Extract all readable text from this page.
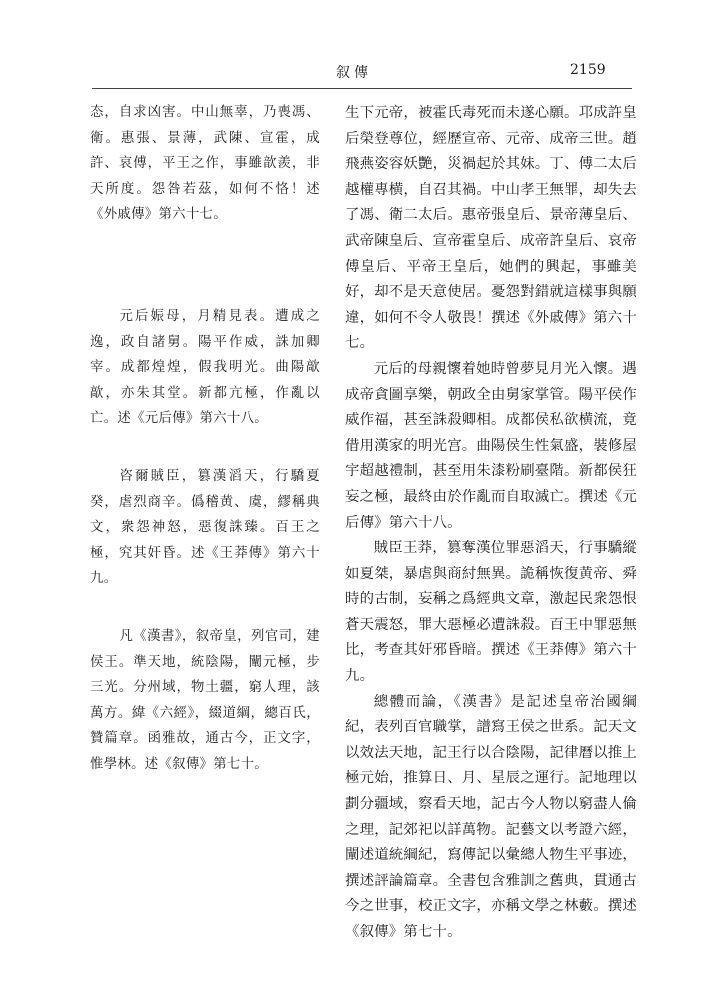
叙傳	2159

态，自求凶害。中山無辜，乃喪馮、衛。惠張、景薄，武陳、宣霍，成許、哀傅，平王之作，事雖歆羨，非天所度。怨咎若茲，如何不恪！述《外戚傳》第六十七。

元后娠母，月精見表。遭成之逸，政自諸舅。陽平作威，誅加卿宰。成都煌煌，假我明光。曲陽歊歊，亦朱其堂。新都亢極，作亂以亡。述《元后傳》第六十八。

咨爾賊臣，篡漢滔天，行驕夏癸，虐烈商辛。僞稽黄、虞，繆稱典文，衆怨神怒，惡復誅臻。百王之極，究其奸昏。述《王莽傳》第六十九。

凡《漢書》，叙帝皇，列官司，建侯王。準天地，統陰陽，闡元極，步三光。分州域，物土疆，窮人理，該萬方。緯《六經》，綴道綱，總百氏，贊篇章。函雅故，通古今，正文字，惟學林。述《叙傳》第七十。

生下元帝，被霍氏毒死而未遂心願。邛成許皇后榮登尊位，經歷宣帝、元帝、成帝三世。趙飛燕姿容妖艷，災禍起於其妹。丁、傅二太后越權專横，自召其禍。中山孝王無罪，却失去了馮、衛二太后。惠帝張皇后、景帝薄皇后、武帝陳皇后、宣帝霍皇后、成帝許皇后、哀帝傅皇后、平帝王皇后，她們的興起，事雖美好，却不是天意使居。憂怨對錯就這樣事與願違，如何不令人敬畏！撰述《外戚傳》第六十七。

元后的母親懷着她時曾夢見月光入懷。遇成帝貪圖享樂，朝政全由舅家掌管。陽平侯作威作福，甚至誅殺卿相。成都侯私欲横流，竟借用漢家的明光宫。曲陽侯生性氣盛，裝修屋宇超越禮制，甚至用朱漆粉刷臺階。新都侯狂妄之極，最終由於作亂而自取滅亡。撰述《元后傳》第六十八。

賊臣王莽，篡奪漢位罪惡滔天，行事驕縱如夏桀，暴虐與商紂無異。詭稱恢復黄帝、舜時的古制，妄稱之爲經典文章，激起民衆怨恨蒼天震怒，罪大惡極必遭誅殺。百王中罪惡無比，考查其奸邪昏暗。撰述《王莽傳》第六十九。

總體而論，《漢書》是記述皇帝治國綱紀，表列百官職掌，譜寫王侯之世系。記天文以效法天地，記王行以合陰陽，記律曆以推上極元始，推算日、月、星辰之運行。記地理以劃分疆域，察看天地，記古今人物以窮盡人倫之理，記郊祀以詳萬物。記藝文以考證六經，闡述道統綱紀，寫傳記以彙總人物生平事迹，撰述評論篇章。全書包含雅訓之舊典，貫通古今之世事，校正文字，亦稱文學之林藪。撰述《叙傳》第七十。
